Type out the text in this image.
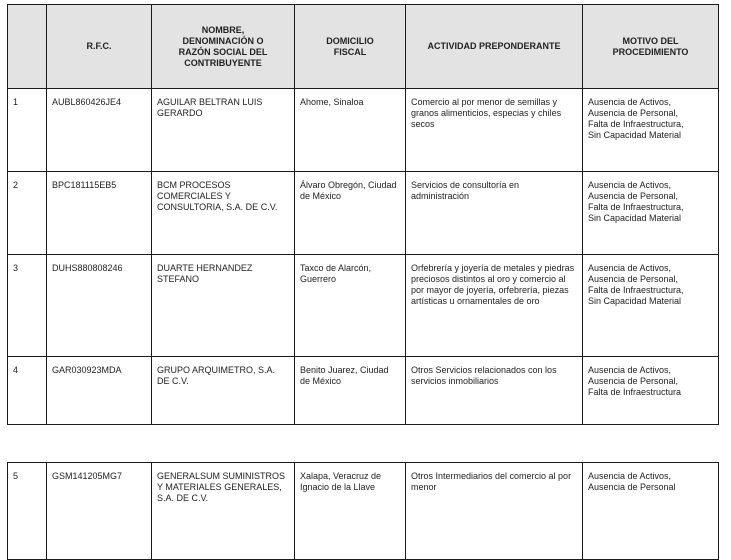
	R.F.C.	NOMBRE,
DENOMINACIÓN O
RAZÓN SOCIAL DEL
CONTRIBUYENTE	DOMICILIO
FISCAL	ACTIVIDAD PREPONDERANTE	MOTIVO DEL
PROCEDIMIENTO
1	AUBL860426JE4	AGUILAR BELTRAN LUIS GERARDO	Ahome, Sinaloa	Comercio al por menor de semillas y granos alimenticios, especias y chiles secos	Ausencia de Activos,
Ausencia de Personal,
Falta de Infraestructura,
Sin Capacidad Material
2	BPC181115EB5	BCM PROCESOS COMERCIALES Y CONSULTORIA, S.A. DE C.V.	Álvaro Obregón, Ciudad de México	Servicios de consultoría en administración	Ausencia de Activos,
Ausencia de Personal,
Falta de Infraestructura,
Sin Capacidad Material
3	DUHS880808246	DUARTE HERNANDEZ STEFANO	Taxco de Alarcón, Guerrero	Orfebrería y joyería de metales y piedras preciosos distintos al oro y comercio al por mayor de joyería, orfebrería, piezas artísticas u ornamentales de oro	Ausencia de Activos,
Ausencia de Personal,
Falta de Infraestructura,
Sin Capacidad Material
4	GAR030923MDA	GRUPO ARQUIMETRO, S.A. DE C.V.	Benito Juarez, Ciudad de México	Otros Servicios relacionados con los servicios inmobiliarios	Ausencia de Activos,
Ausencia de Personal,
Falta de Infraestructura
5	GSM141205MG7	GENERALSUM SUMINISTROS Y MATERIALES GENERALES, S.A. DE C.V.	Xalapa, Veracruz de Ignacio de la Llave	Otros Intermediarios del comercio al por menor	Ausencia de Activos,
Ausencia de Personal
